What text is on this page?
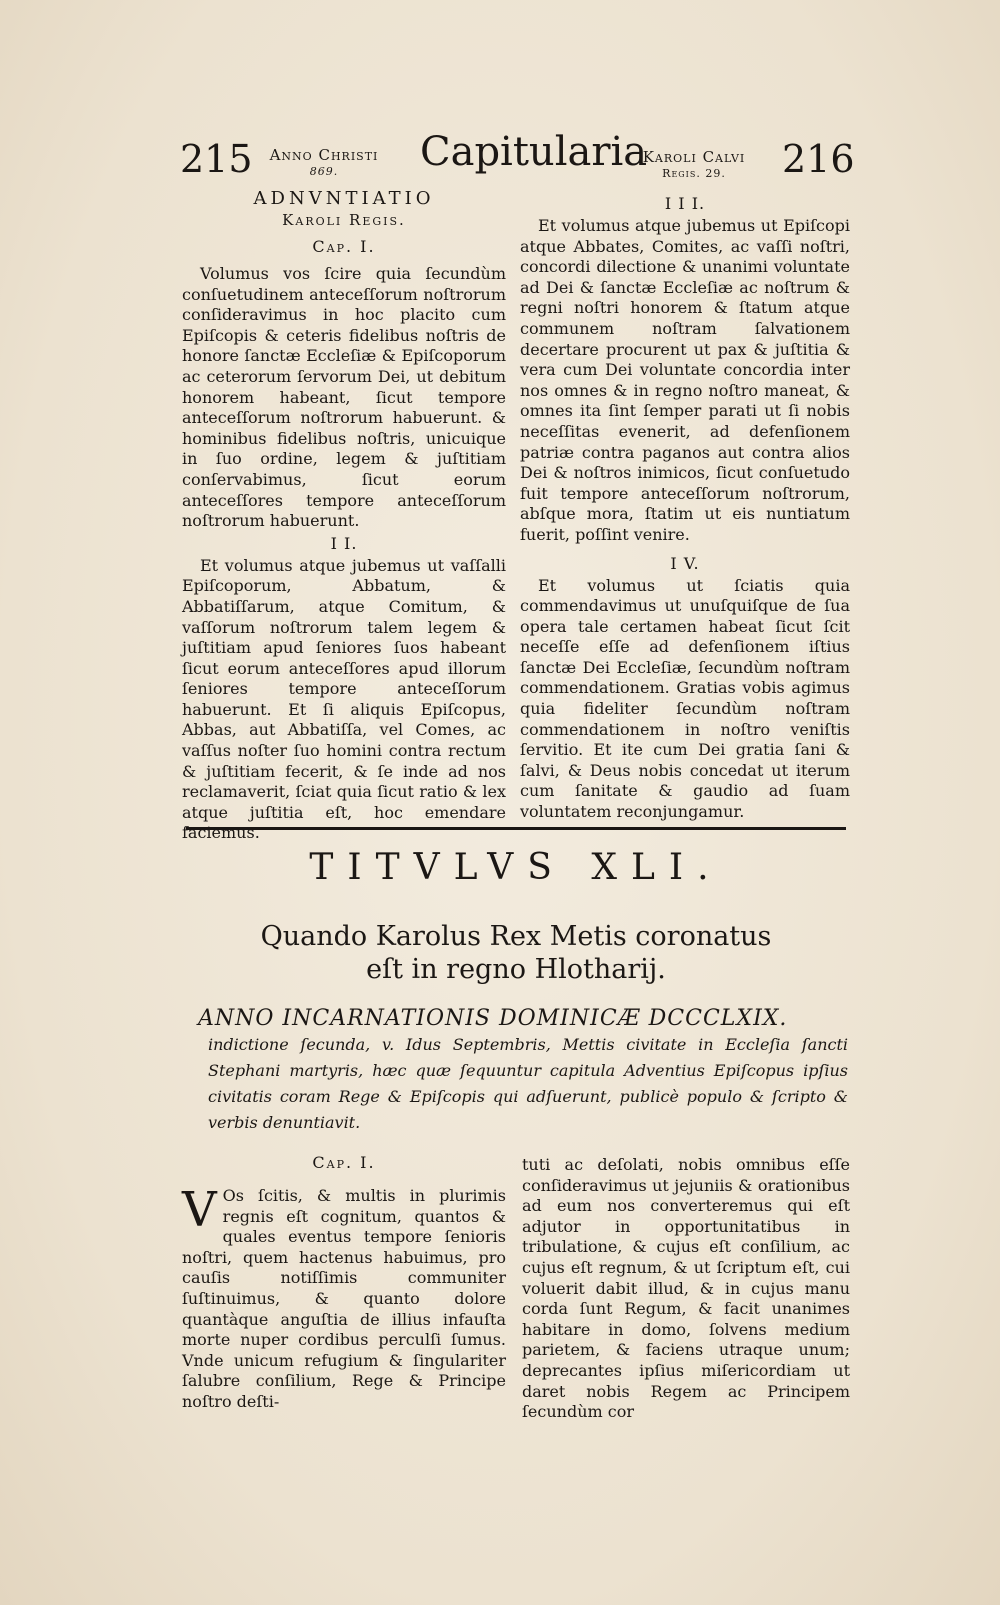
215	Anno Christi
869.	Capitularia
Karoli Calvi
Regis. 29.	216
ADNVNTIATIO
Karoli Regis.
Cap. I.

Volumus vos ſcire quia ſecundùm conſuetudinem anteceſſorum noſtrorum conſideravimus in hoc placito cum Epiſcopis & ceteris fidelibus noſtris de honore ſanctæ Eccleſiæ & Epiſcoporum ac ceterorum ſervorum Dei, ut debitum honorem habeant, ſicut tempore anteceſſorum noſtrorum habuerunt. & hominibus fidelibus noſtris, unicuique in ſuo ordine, legem & juſtitiam conſervabimus, ſicut eorum anteceſſores tempore anteceſſorum noſtrorum habuerunt.

I I.

Et volumus atque jubemus ut vaſſalli Epiſcoporum, Abbatum, & Abbatiſſarum, atque Comitum, & vaſſorum noſtrorum talem legem & juſtitiam apud ſeniores ſuos habeant ſicut eorum anteceſſores apud illorum ſeniores tempore anteceſſorum habuerunt. Et ſi aliquis Epiſcopus, Abbas, aut Abbatiſſa, vel Comes, ac vaſſus noſter ſuo homini contra rectum & juſtitiam fecerit, & ſe inde ad nos reclamaverit, ſciat quia ſicut ratio & lex atque juſtitia eſt, hoc emendare faciemus.

I I I.

Et volumus atque jubemus ut Epiſcopi atque Abbates, Comites, ac vaſſi noſtri, concordi dilectione & unanimi voluntate ad Dei & ſanctæ Eccleſiæ ac noſtrum & regni noſtri honorem & ſtatum atque communem noſtram ſalvationem decertare procurent ut pax & juſtitia & vera cum Dei voluntate concordia inter nos omnes & in regno noſtro maneat, & omnes ita ſint ſemper parati ut ſi nobis neceſſitas evenerit, ad defenſionem patriæ contra paganos aut contra alios Dei & noſtros inimicos, ſicut conſuetudo fuit tempore anteceſſorum noſtrorum, abſque mora, ſtatim ut eis nuntiatum fuerit, poſſint venire.

I V.

Et volumus ut ſciatis quia commendavimus ut unuſquiſque de ſua opera tale certamen habeat ſicut ſcit neceſſe eſſe ad defenſionem iſtius ſanctæ Dei Eccleſiæ, ſecundùm noſtram commendationem. Gratias vobis agimus quia fideliter ſecundùm noſtram commendationem in noſtro veniſtis ſervitio. Et ite cum Dei gratia ſani & ſalvi, & Deus nobis concedat ut iterum cum ſanitate & gaudio ad ſuam voluntatem reconjungamur.

TITVLVS XLI.
Quando Karolus Rex Metis coronatus
eſt in regno Hlotharij.
ANNO INCARNATIONIS DOMINICÆ DCCCLXIX.
indictione ſecunda, v. Idus Septembris, Mettis civitate in Eccleſia ſancti Stephani martyris, hæc quæ ſequuntur capitula Adventius Epiſcopus ipſius civitatis coram Rege & Epiſcopis qui adſuerunt, publicè populo & ſcripto & verbis denuntiavit.
Cap. I.

V Os ſcitis, & multis in plurimis regnis eſt cognitum, quantos & quales eventus tempore ſenioris noſtri, quem hactenus habuimus, pro cauſis notiſſimis communiter ſuſtinuimus, & quanto dolore quantàque anguſtia de illius infauſta morte nuper cordibus perculſi ſumus. Vnde unicum refugium & ſingulariter ſalubre conſilium, Rege & Principe noſtro deſti-

tuti ac deſolati, nobis omnibus eſſe conſideravimus ut jejuniis & orationibus ad eum nos converteremus qui eſt adjutor in opportunitatibus in tribulatione, & cujus eſt conſilium, ac cujus eſt regnum, & ut ſcriptum eſt, cui voluerit dabit illud, & in cujus manu corda ſunt Regum, & facit unanimes habitare in domo, ſolvens medium parietem, & faciens utraque unum; deprecantes ipſius miſericordiam ut daret nobis Regem ac Principem ſecundùm cor
